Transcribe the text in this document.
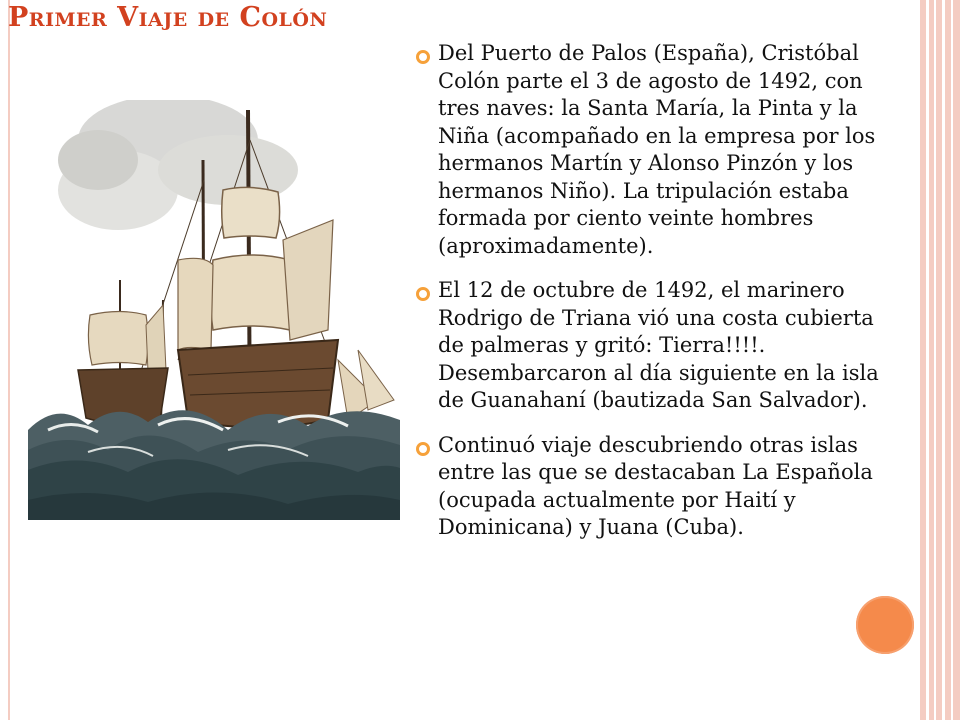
Primer Viaje de Colón
Del Puerto de Palos (España), Cristóbal Colón parte el 3 de agosto de 1492, con tres naves: la Santa María, la Pinta y la Niña (acompañado en la empresa por los hermanos Martín y Alonso Pinzón y los hermanos Niño). La tripulación estaba formada por ciento veinte hombres (aproximadamente).
El 12 de octubre de 1492, el marinero Rodrigo de Triana vió una costa cubierta de palmeras y gritó: Tierra!!!!. Desembarcaron al día siguiente en la isla de Guanahaní (bautizada San Salvador).
Continuó viaje descubriendo otras islas entre las que se destacaban La Española (ocupada actualmente por Haití y Dominicana) y Juana (Cuba).
